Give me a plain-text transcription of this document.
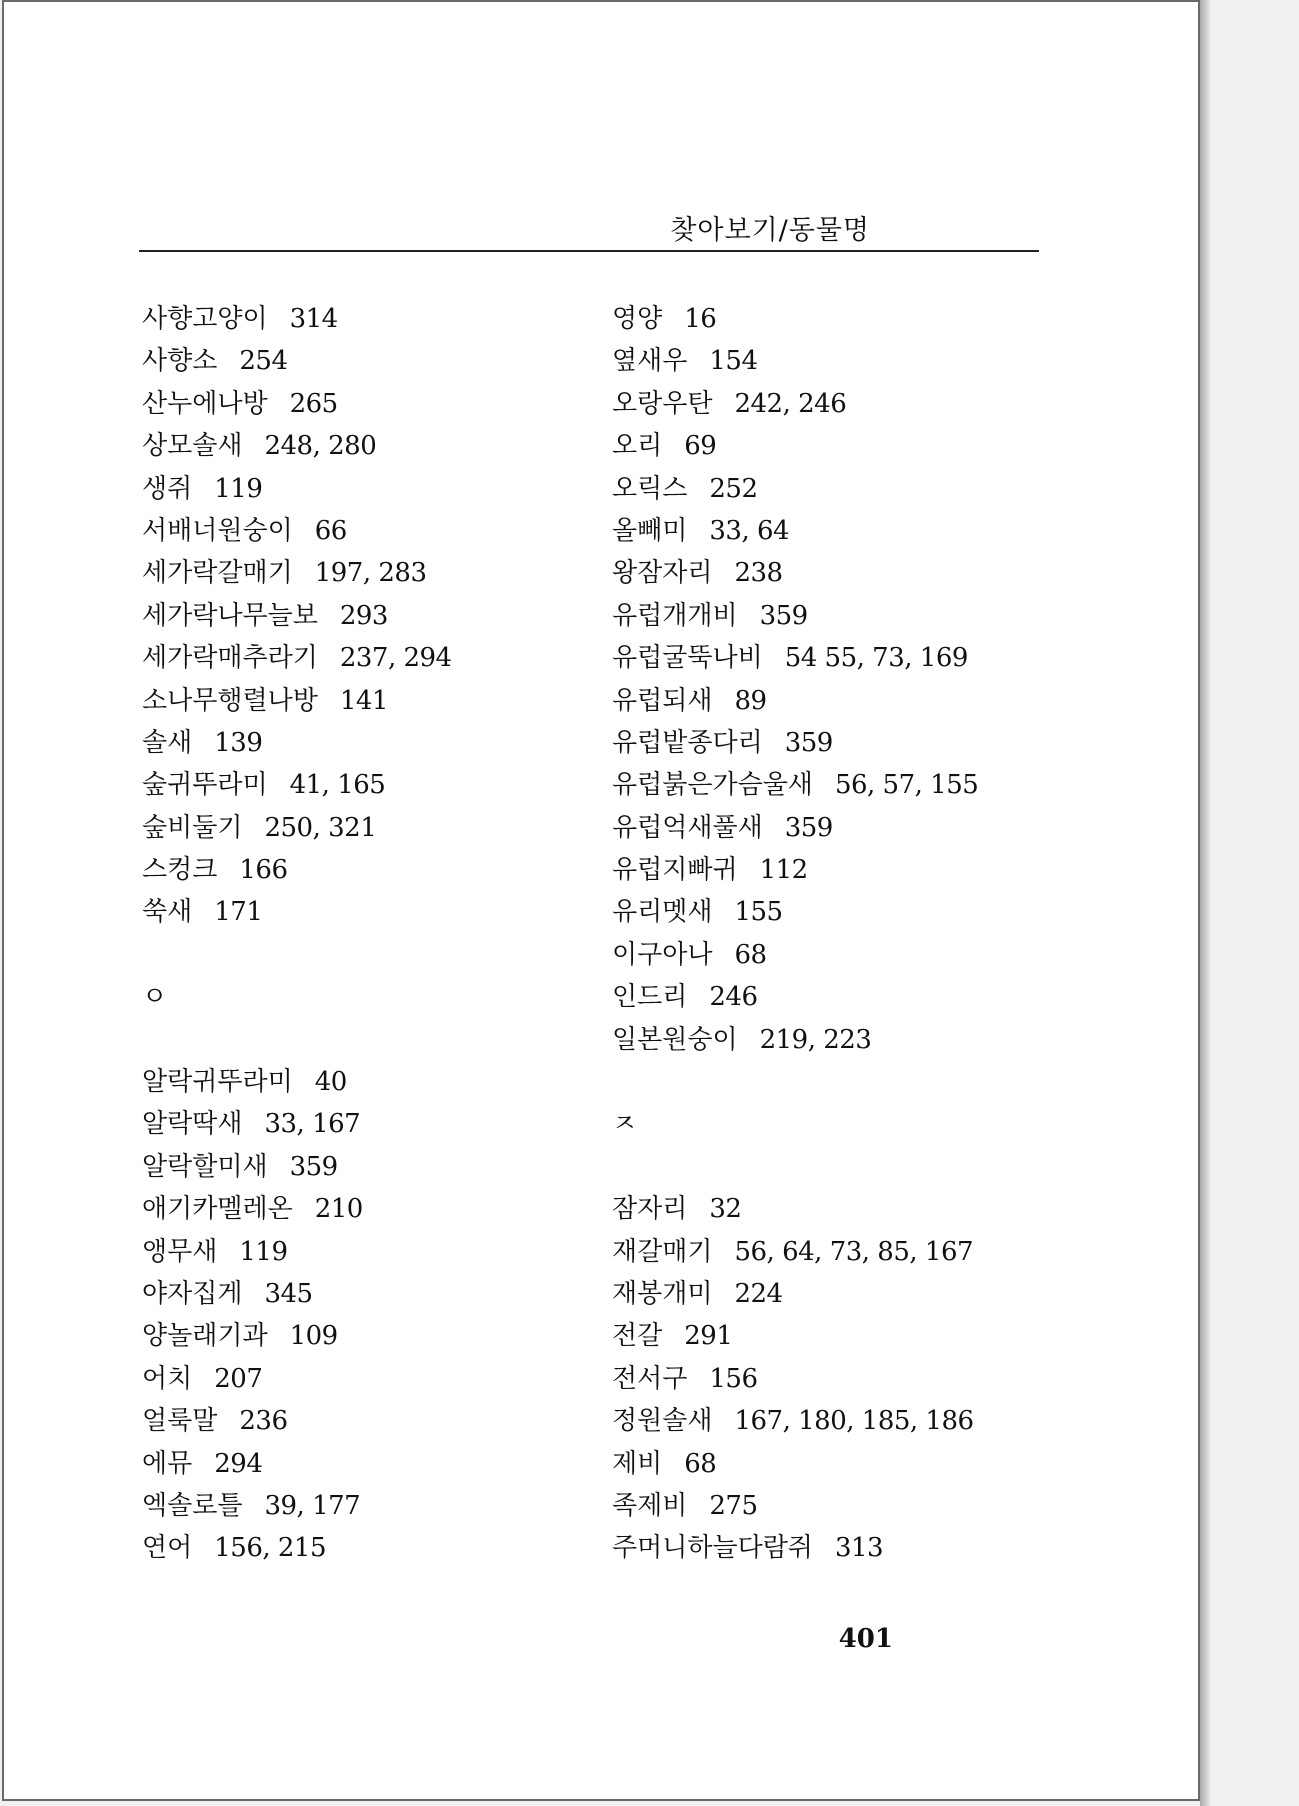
찾아보기/동물명
사향고양이 314
사향소 254
산누에나방 265
상모솔새 248, 280
생쥐 119
서배너원숭이 66
세가락갈매기 197, 283
세가락나무늘보 293
세가락매추라기 237, 294
소나무행렬나방 141
솔새 139
숲귀뚜라미 41, 165
숲비둘기 250, 321
스컹크 166
쑥새 171
ㅇ
알락귀뚜라미 40
알락딱새 33, 167
알락할미새 359
애기카멜레온 210
앵무새 119
야자집게 345
양놀래기과 109
어치 207
얼룩말 236
에뮤 294
엑솔로틀 39, 177
연어 156, 215
영양 16
옆새우 154
오랑우탄 242, 246
오리 69
오릭스 252
올빼미 33, 64
왕잠자리 238
유럽개개비 359
유럽굴뚝나비 54 55, 73, 169
유럽되새 89
유럽밭종다리 359
유럽붉은가슴울새 56, 57, 155
유럽억새풀새 359
유럽지빠귀 112
유리멧새 155
이구아나 68
인드리 246
일본원숭이 219, 223
ㅈ
잠자리 32
재갈매기 56, 64, 73, 85, 167
재봉개미 224
전갈 291
전서구 156
정원솔새 167, 180, 185, 186
제비 68
족제비 275
주머니하늘다람쥐 313
401
